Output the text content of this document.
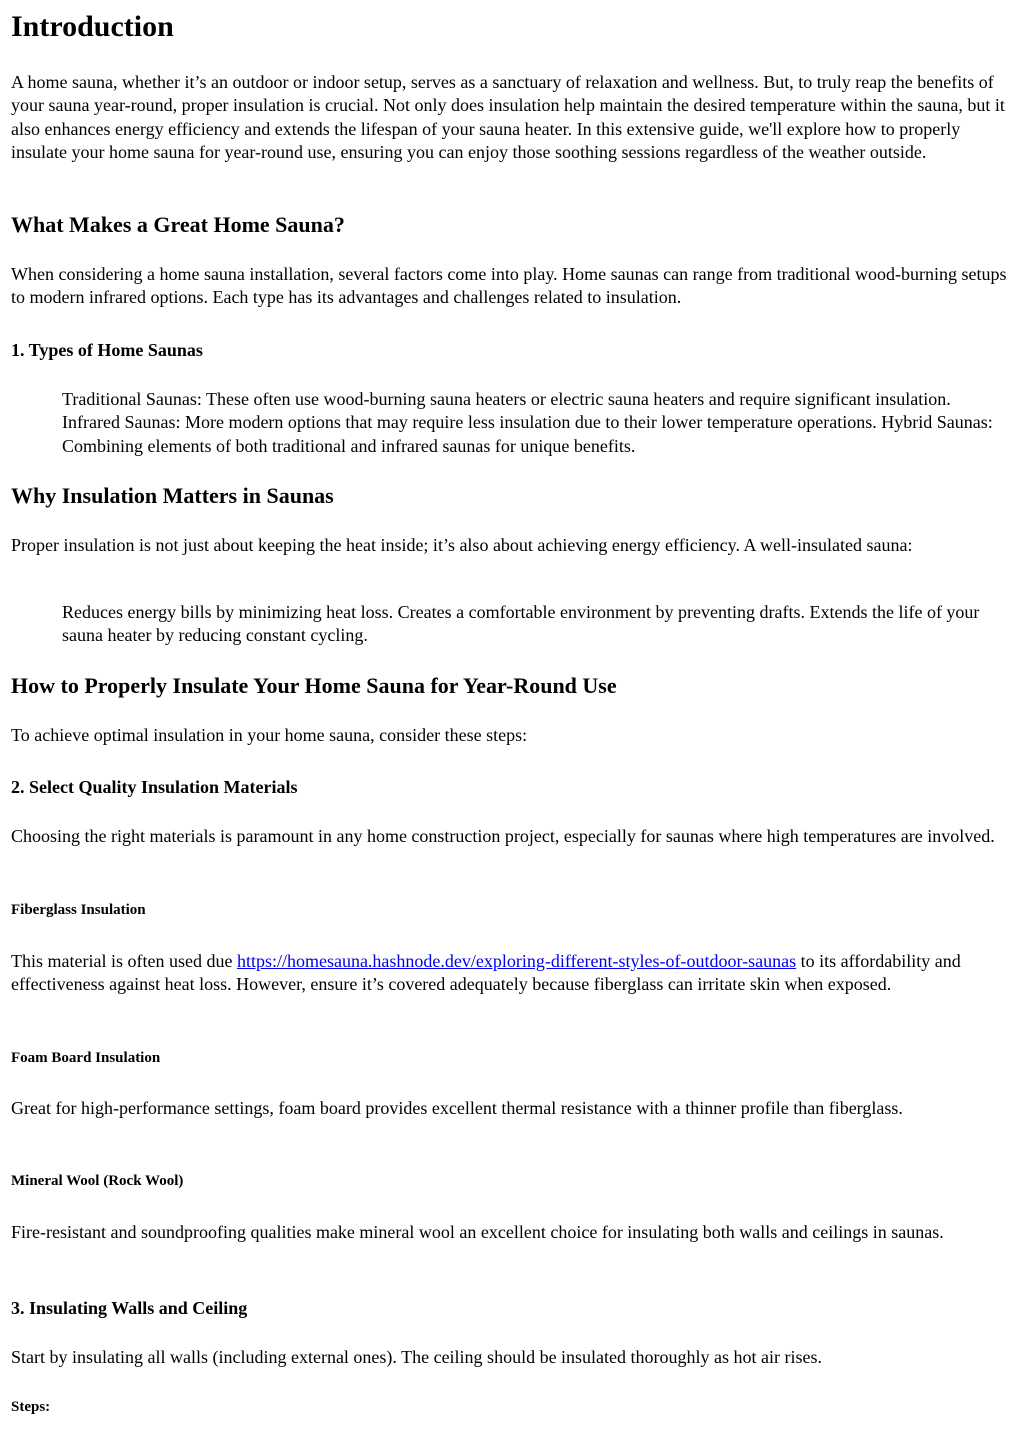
Introduction

A home sauna, whether it’s an outdoor or indoor setup, serves as a sanctuary of relaxation and wellness. But, to truly reap the benefits of your sauna year-round, proper insulation is crucial. Not only does insulation help maintain the desired temperature within the sauna, but it also enhances energy efficiency and extends the lifespan of your sauna heater. In this extensive guide, we'll explore how to properly insulate your home sauna for year-round use, ensuring you can enjoy those soothing sessions regardless of the weather outside.

What Makes a Great Home Sauna?

When considering a home sauna installation, several factors come into play. Home saunas can range from traditional wood-burning setups to modern infrared options. Each type has its advantages and challenges related to insulation.

1. Types of Home Saunas
Traditional Saunas: These often use wood-burning sauna heaters or electric sauna heaters and require significant insulation. Infrared Saunas: More modern options that may require less insulation due to their lower temperature operations. Hybrid Saunas: Combining elements of both traditional and infrared saunas for unique benefits.
Why Insulation Matters in Saunas

Proper insulation is not just about keeping the heat inside; it’s also about achieving energy efficiency. A well-insulated sauna:

Reduces energy bills by minimizing heat loss. Creates a comfortable environment by preventing drafts. Extends the life of your sauna heater by reducing constant cycling.
How to Properly Insulate Your Home Sauna for Year-Round Use

To achieve optimal insulation in your home sauna, consider these steps:

2. Select Quality Insulation Materials

Choosing the right materials is paramount in any home construction project, especially for saunas where high temperatures are involved.

Fiberglass Insulation

This material is often used due https://homesauna.hashnode.dev/exploring-different-styles-of-outdoor-saunas to its affordability and effectiveness against heat loss. However, ensure it’s covered adequately because fiberglass can irritate skin when exposed.

Foam Board Insulation

Great for high-performance settings, foam board provides excellent thermal resistance with a thinner profile than fiberglass.

Mineral Wool (Rock Wool)

Fire-resistant and soundproofing qualities make mineral wool an excellent choice for insulating both walls and ceilings in saunas.

3. Insulating Walls and Ceiling

Start by insulating all walls (including external ones). The ceiling should be insulated thoroughly as hot air rises.

Steps:
